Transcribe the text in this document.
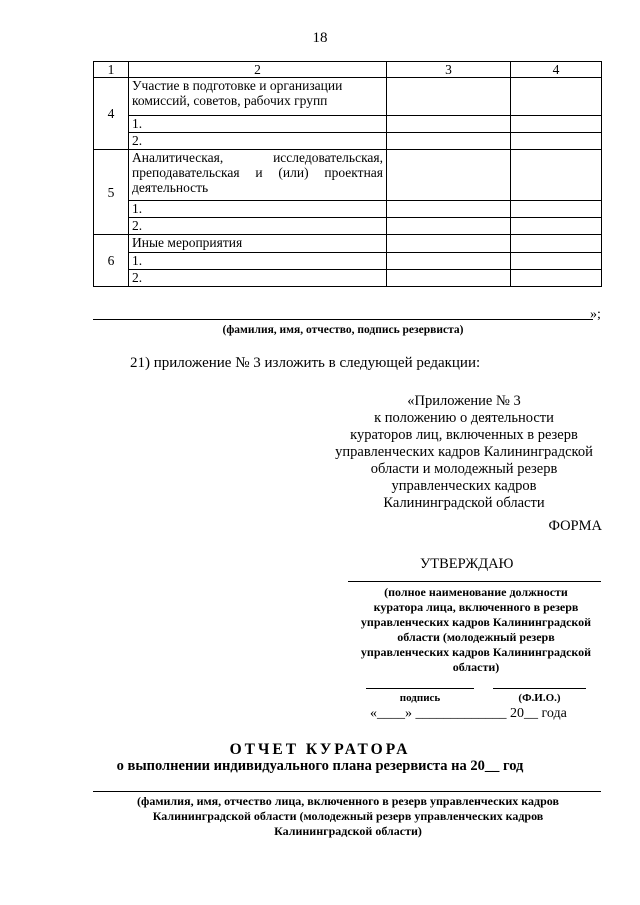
18
1	2	3	4
4	Участие в подготовке и организации комиссий, советов, рабочих групп		
	1.		
	2.		
5	Аналитическая, исследовательская, преподавательская и (или) проектная деятельность		

	1.		
	2.		
6	Иные мероприятия		
	1.		
	2.		
»;
(фамилия, имя, отчество, подпись резервиста)
21) приложение № 3 изложить в следующей редакции:
«Приложение № 3
к положению о деятельности
кураторов лиц, включенных в резерв
управленческих кадров Калининградской
области и молодежный резерв
управленческих кадров
Калининградской области
ФОРМА
УТВЕРЖДАЮ
(полное наименование должности
куратора лица, включенного в резерв
управленческих кадров Калининградской
области (молодежный резерв
управленческих кадров Калининградской
области)
подпись	(Ф.И.О.)
«____» _____________ 20__ года
ОТЧЕТ КУРАТОРА
о выполнении индивидуального плана резервиста на 20__ год
(фамилия, имя, отчество лица, включенного в резерв управленческих кадров
Калининградской области (молодежный резерв управленческих кадров
Калининградской области)
